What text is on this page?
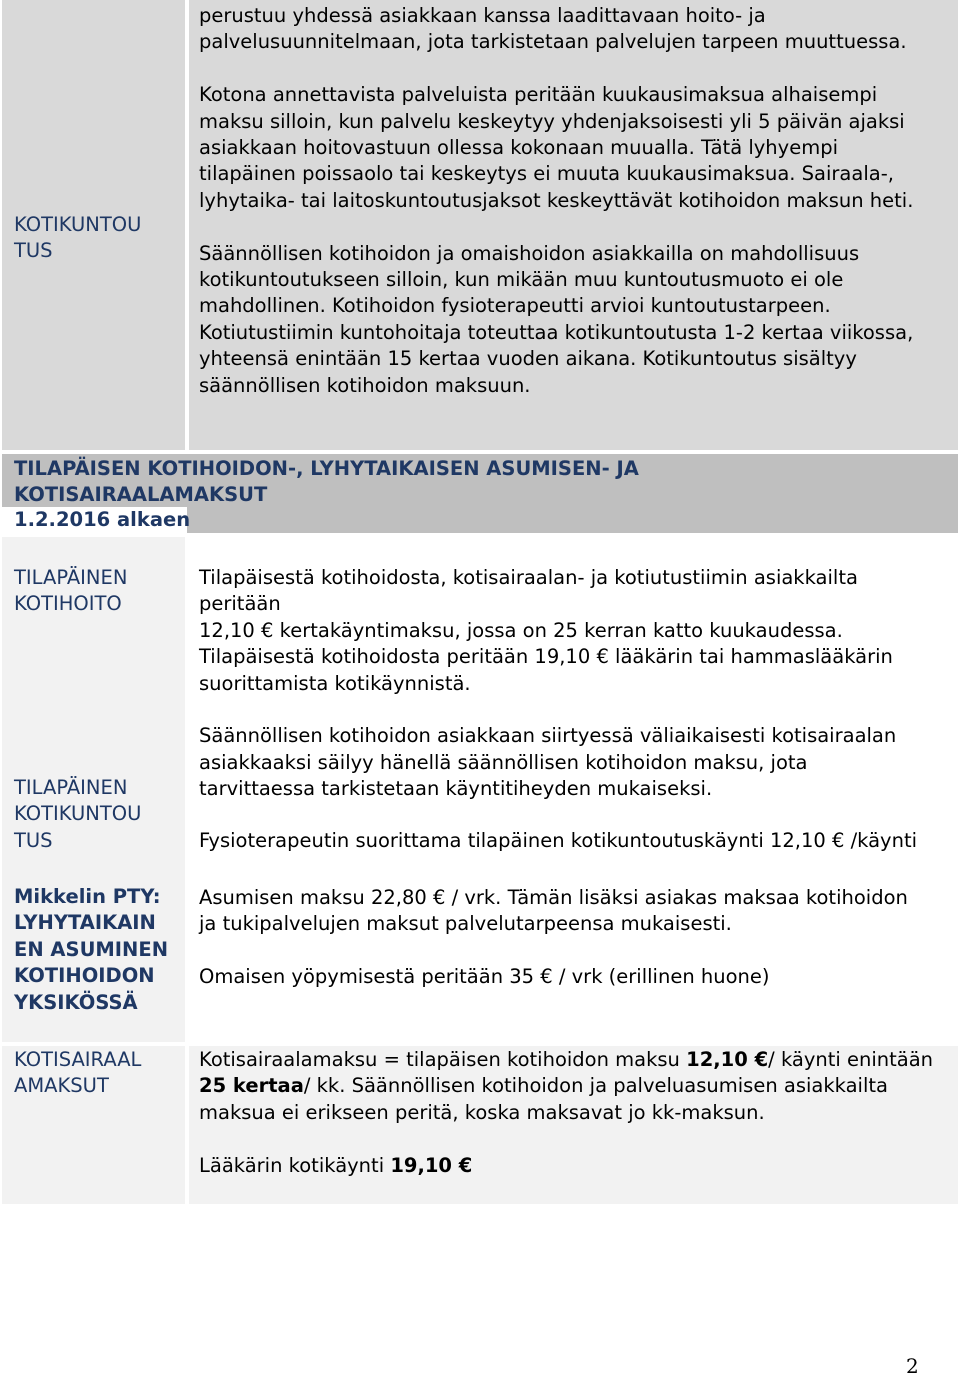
KOTIKUNTOU
TUS
perustuu yhdessä asiakkaan kanssa laadittavaan hoito- ja
palvelusuunnitelmaan, jota tarkistetaan palvelujen tarpeen muuttuessa.
Kotona annettavista palveluista peritään kuukausimaksua alhaisempi
maksu silloin, kun palvelu keskeytyy yhdenjaksoisesti yli 5 päivän ajaksi
asiakkaan hoitovastuun ollessa kokonaan muualla. Tätä lyhyempi
tilapäinen poissaolo tai keskeytys ei muuta kuukausimaksua. Sairaala-,
lyhytaika- tai laitoskuntoutusjaksot keskeyttävät kotihoidon maksun heti.
Säännöllisen kotihoidon ja omaishoidon asiakkailla on mahdollisuus
kotikuntoutukseen silloin, kun mikään muu kuntoutusmuoto ei ole
mahdollinen. Kotihoidon fysioterapeutti arvioi kuntoutustarpeen.
Kotiutustiimin kuntohoitaja toteuttaa kotikuntoutusta 1-2 kertaa viikossa,
yhteensä enintään 15 kertaa vuoden aikana. Kotikuntoutus sisältyy
säännöllisen kotihoidon maksuun.
TILAPÄISEN KOTIHOIDON-, LYHYTAIKAISEN ASUMISEN- JA
KOTISAIRAALAMAKSUT
1.2.2016 alkaen
TILAPÄINEN
KOTIHOITO
TILAPÄINEN
KOTIKUNTOU
TUS
Mikkelin PTY:
LYHYTAIKAIN
EN ASUMINEN
KOTIHOIDON
YKSIKÖSSÄ
Tilapäisestä kotihoidosta, kotisairaalan- ja kotiutustiimin asiakkailta
peritään
12,10 € kertakäyntimaksu, jossa on 25 kerran katto kuukaudessa.
Tilapäisestä kotihoidosta peritään 19,10 € lääkärin tai hammaslääkärin
suorittamista kotikäynnistä.
Säännöllisen kotihoidon asiakkaan siirtyessä väliaikaisesti kotisairaalan
asiakkaaksi säilyy hänellä säännöllisen kotihoidon maksu, jota
tarvittaessa tarkistetaan käyntitiheyden mukaiseksi.
Fysioterapeutin suorittama tilapäinen kotikuntoutuskäynti 12,10 € /käynti
Asumisen maksu 22,80 € / vrk. Tämän lisäksi asiakas maksaa kotihoidon
ja tukipalvelujen maksut palvelutarpeensa mukaisesti.
Omaisen yöpymisestä peritään 35 € / vrk (erillinen huone)
KOTISAIRAAL
AMAKSUT
Kotisairaalamaksu = tilapäisen kotihoidon maksu 12,10 €/ käynti enintään
25 kertaa/ kk. Säännöllisen kotihoidon ja palveluasumisen asiakkailta
maksua ei erikseen peritä, koska maksavat jo kk-maksun.
Lääkärin kotikäynti 19,10 €
2
